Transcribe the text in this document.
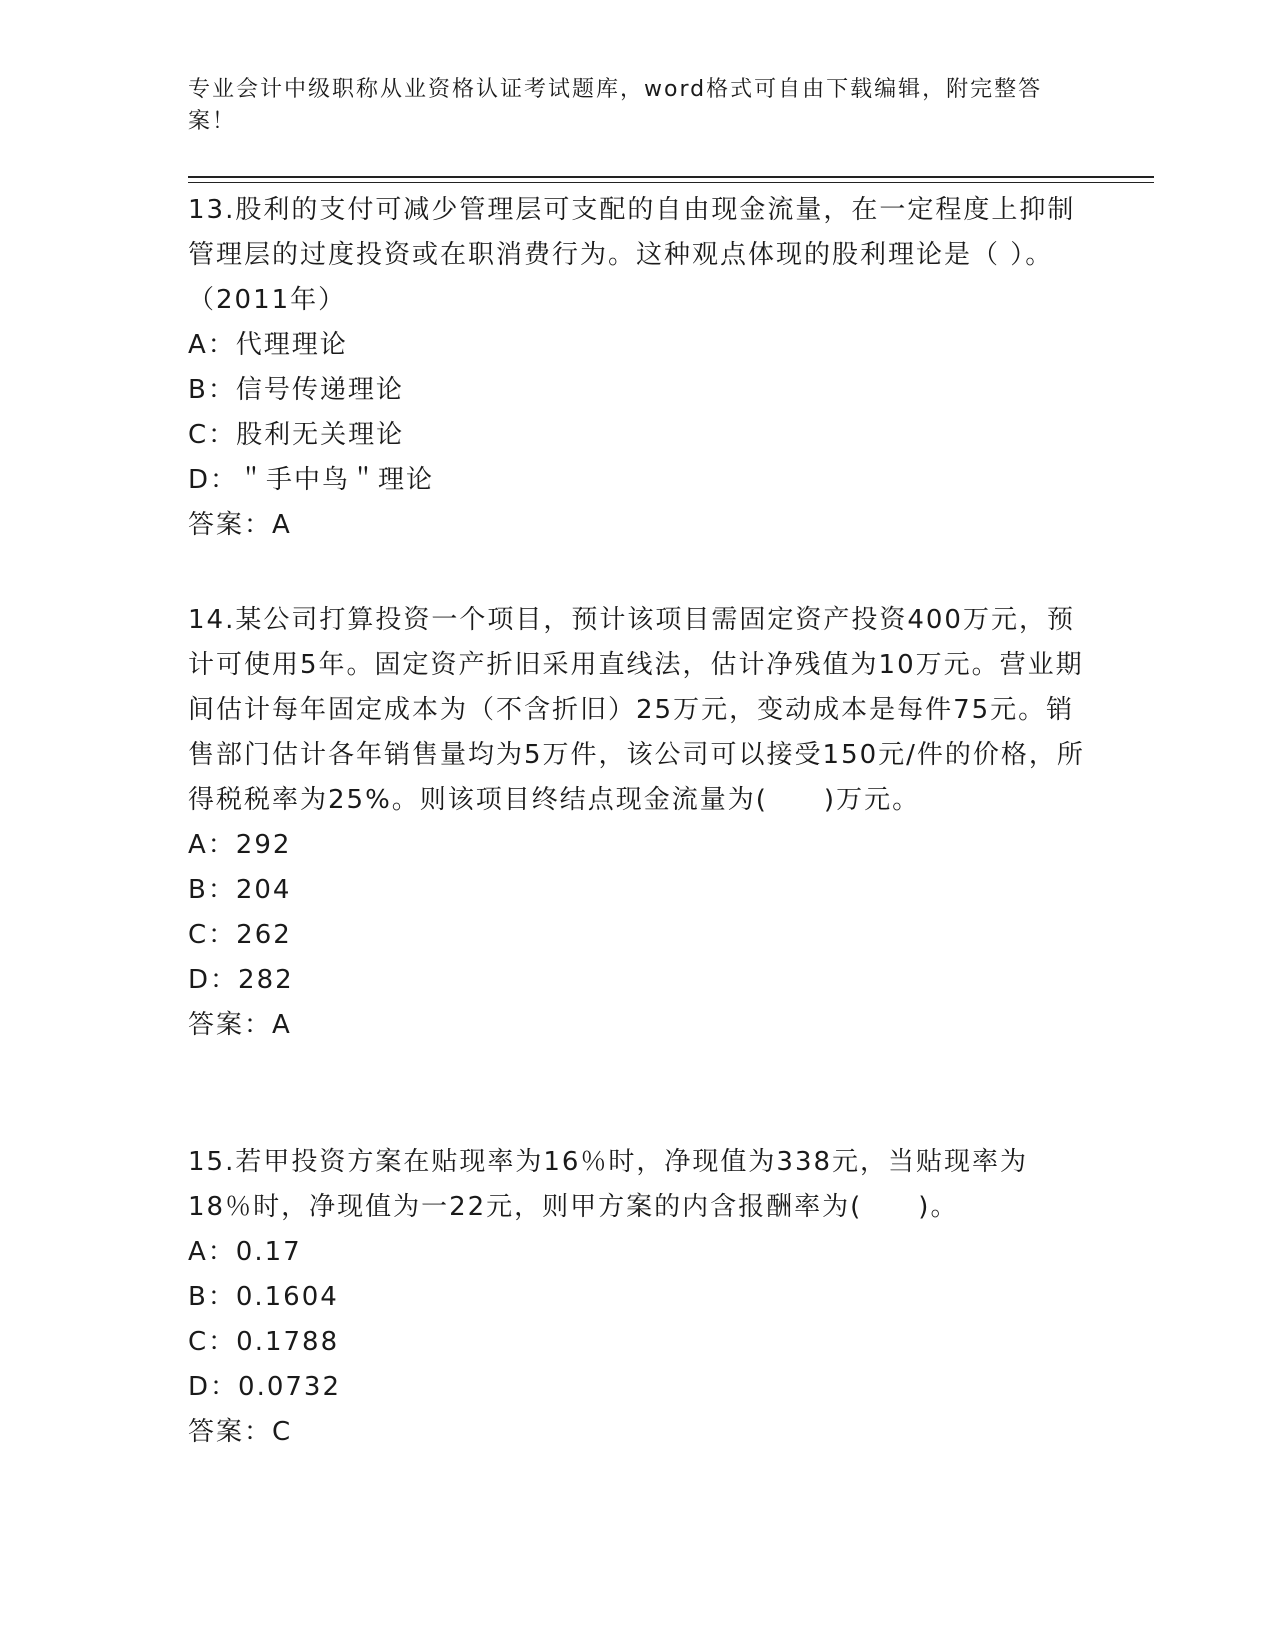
专业会计中级职称从业资格认证考试题库，word格式可自由下载编辑，附完整答案！

13.股利的支付可减少管理层可支配的自由现金流量，在一定程度上抑制管理层的过度投资或在职消费行为。这种观点体现的股利理论是（ ）。（2011年）

A：代理理论

B：信号传递理论

C：股利无关理论

D：＂手中鸟＂理论

答案：A

14.某公司打算投资一个项目，预计该项目需固定资产投资400万元，预计可使用5年。固定资产折旧采用直线法，估计净残值为10万元。营业期间估计每年固定成本为（不含折旧）25万元，变动成本是每件75元。销售部门估计各年销售量均为5万件，该公司可以接受150元/件的价格，所得税税率为25%。则该项目终结点现金流量为(　　)万元。

A：292

B：204

C：262

D：282

答案：A

15.若甲投资方案在贴现率为16％时，净现值为338元，当贴现率为18％时，净现值为一22元，则甲方案的内含报酬率为(　　)。

A：0.17

B：0.1604

C：0.1788

D：0.0732

答案：C
